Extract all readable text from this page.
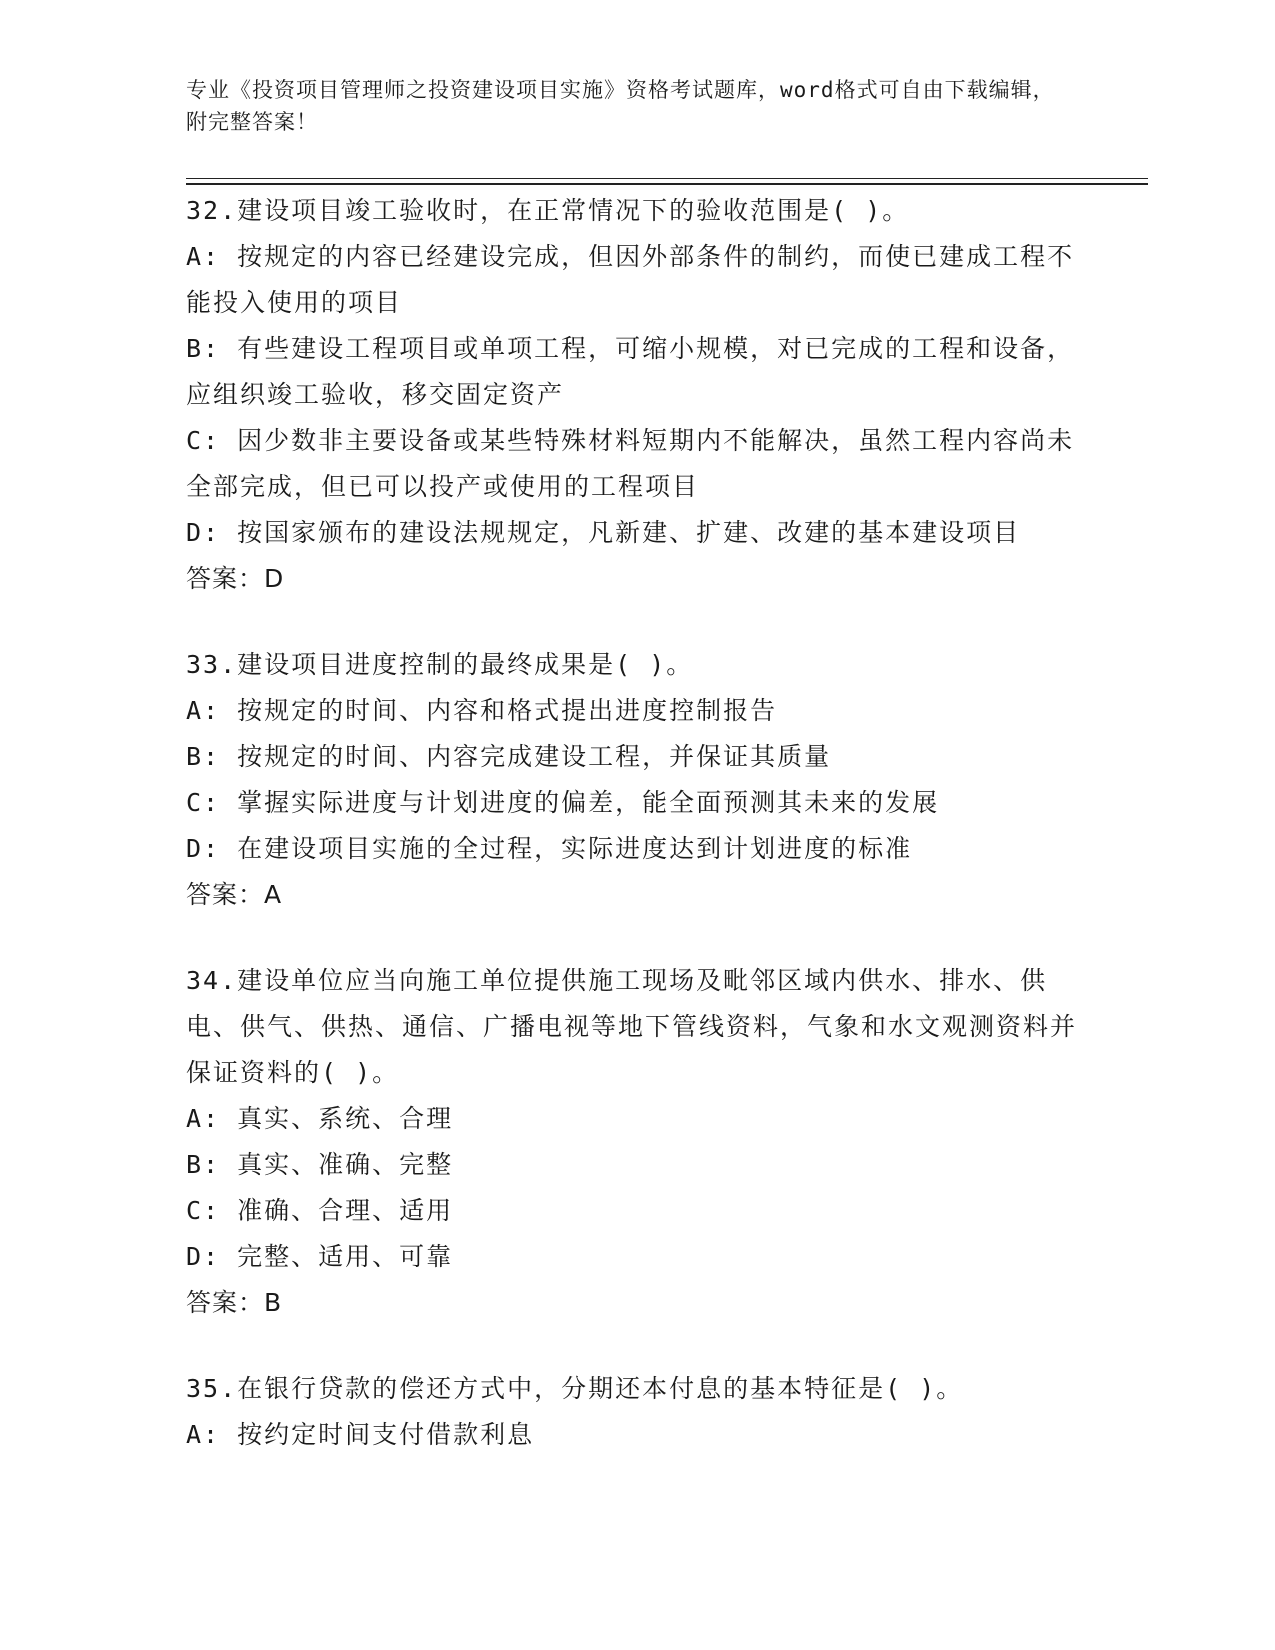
专业《投资项目管理师之投资建设项目实施》资格考试题库，word格式可自由下载编辑，附完整答案！

32.建设项目竣工验收时，在正常情况下的验收范围是( )。

A: 按规定的内容已经建设完成，但因外部条件的制约，而使已建成工程不能投入使用的项目

B: 有些建设工程项目或单项工程，可缩小规模，对已完成的工程和设备，应组织竣工验收，移交固定资产

C: 因少数非主要设备或某些特殊材料短期内不能解决，虽然工程内容尚未全部完成，但已可以投产或使用的工程项目

D: 按国家颁布的建设法规规定，凡新建、扩建、改建的基本建设项目

答案：D

33.建设项目进度控制的最终成果是( )。

A: 按规定的时间、内容和格式提出进度控制报告

B: 按规定的时间、内容完成建设工程，并保证其质量

C: 掌握实际进度与计划进度的偏差，能全面预测其未来的发展

D: 在建设项目实施的全过程，实际进度达到计划进度的标准

答案：A

34.建设单位应当向施工单位提供施工现场及毗邻区域内供水、排水、供电、供气、供热、通信、广播电视等地下管线资料，气象和水文观测资料并保证资料的( )。

A: 真实、系统、合理

B: 真实、准确、完整

C: 准确、合理、适用

D: 完整、适用、可靠

答案：B

35.在银行贷款的偿还方式中，分期还本付息的基本特征是( )。

A: 按约定时间支付借款利息
